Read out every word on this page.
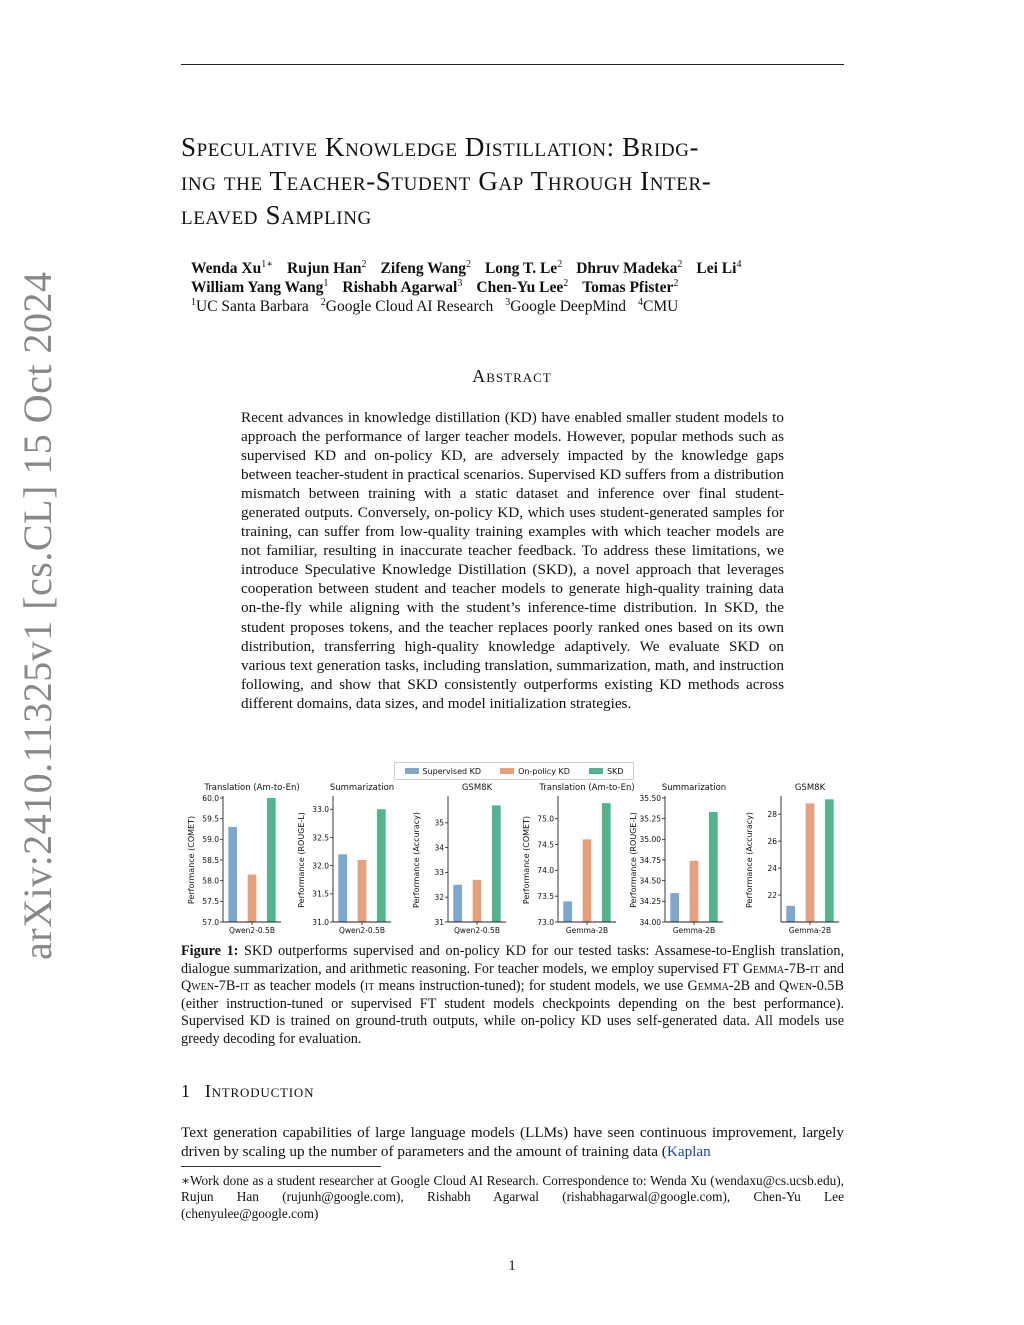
arXiv:2410.11325v1 [cs.CL] 15 Oct 2024
Speculative Knowledge Distillation: Bridg-
ing the Teacher-Student Gap Through Inter-
leaved Sampling
Wenda $Xu^{1∗}$ Rujun Han$^2$ Zifeng Wang$^2$ Long T. Le$^2$ Dhruv Madeka$^2$ Lei Li$^4$
William Yang Wang$^1$ Rishabh Agarwal$^3$ Chen-Yu Lee$^2$ Tomas Pfister$^2$
$^1$UC Santa Barbara $^2$Google Cloud AI Research $^3$Google DeepMind $^4$CMU
Abstract
Recent advances in knowledge distillation (KD) have enabled smaller student models to approach the performance of larger teacher models. However, popular methods such as supervised KD and on-policy KD, are adversely impacted by the knowledge gaps between teacher-student in practical scenarios. Supervised KD suffers from a distribution mismatch between training with a static dataset and inference over final student-generated outputs. Conversely, on-policy KD, which uses student-generated samples for training, can suffer from low-quality training examples with which teacher models are not familiar, resulting in inaccurate teacher feedback. To address these limitations, we introduce Speculative Knowledge Distillation (SKD), a novel approach that leverages cooperation between student and teacher models to generate high-quality training data on-the-fly while aligning with the student’s inference-time distribution. In SKD, the student proposes tokens, and the teacher replaces poorly ranked ones based on its own distribution, transferring high-quality knowledge adaptively. We evaluate SKD on various text generation tasks, including translation, summarization, math, and instruction following, and show that SKD consistently outperforms existing KD methods across different domains, data sizes, and model initialization strategies.
Supervised KD	On-policy KD	SKD
Translation (Am-to-En)
Performance (COMET)
57.0
57.5
58.0
58.5
59.0
59.5
60.0
Qwen2-0.5B
Summarization
Performance (ROUGE-L)
31.0
31.5
32.0
32.5
33.0
Qwen2-0.5B
GSM8K
Performance (Accuracy)
31
32
33
34
35
Qwen2-0.5B
Translation (Am-to-En)
Performance (COMET)
73.0
73.5
74.0
74.5
75.0
Gemma-2B
Summarization
Performance (ROUGE-L)
34.00
34.25
34.50
34.75
35.00
35.25
35.50
Gemma-2B
GSM8K
Performance (Accuracy) 22
24
26
28
Gemma-2B
Figure 1: SKD outperforms supervised and on-policy KD for our tested tasks: Assamese-to-English translation, dialogue summarization, and arithmetic reasoning. For teacher models, we employ supervised FT Gemma-7B-it and Qwen-7B-it as teacher models (it means instruction-tuned); for student models, we use Gemma-2B and Qwen-0.5B (either instruction-tuned or supervised FT student models checkpoints depending on the best performance). Supervised KD is trained on ground-truth outputs, while on-policy KD uses self-generated data. All models use greedy decoding for evaluation.
1 Introduction
Text generation capabilities of large language models (LLMs) have seen continuous improvement, largely driven by scaling up the number of parameters and the amount of training data (Kaplan
∗Work done as a student researcher at Google Cloud AI Research. Correspondence to: Wenda Xu (wendaxu@cs.ucsb.edu), Rujun Han (rujunh@google.com), Rishabh Agarwal (rishabhagarwal@google.com), Chen-Yu Lee (chenyulee@google.com)
1
